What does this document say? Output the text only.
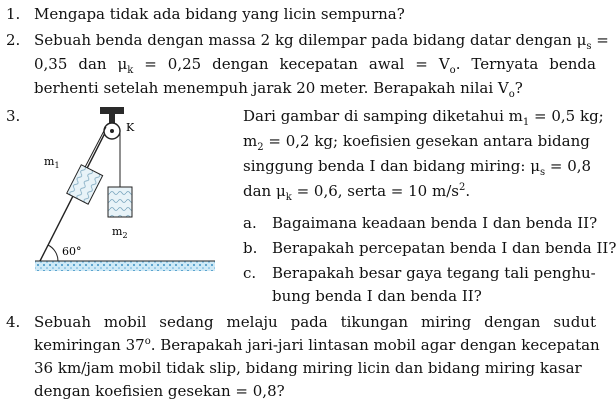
1. Mengapa tidak ada bidang yang licin sempurna?
2. Sebuah benda dengan massa 2 kg dilempar pada bidang datar dengan $\mu_s$ =
0,35 dan $\mu_k = 0,25$ dengan kecepatan awal = $V_o$. Ternyata benda
berhenti setelah menempuh jarak 20 meter. Berapakah nilai $V_o$?
3.
60°
K
$m_1$
$m_2$
Dari gambar di samping diketahui $m_1 = 0,5$ kg;
$m_2 = 0,2$ kg; koefisien gesekan antara bidang
singgung benda I dan bidang miring: $\mu_s = 0,8$
dan $\mu_k = 0,6$, serta = 10 $m/s^2$.
a. Bagaimana keadaan benda I dan benda II?
b. Berapakah percepatan benda I dan benda II?
c. Berapakah besar gaya tegang tali penghu-
bung benda I dan benda II?
4. Sebuah mobil sedang melaju pada tikungan miring dengan sudut
kemiringan 37$^o$. Berapakah jari-jari lintasan mobil agar dengan kecepatan
36 km/jam mobil tidak slip, bidang miring licin dan bidang miring kasar
dengan koefisien gesekan = 0,8?
